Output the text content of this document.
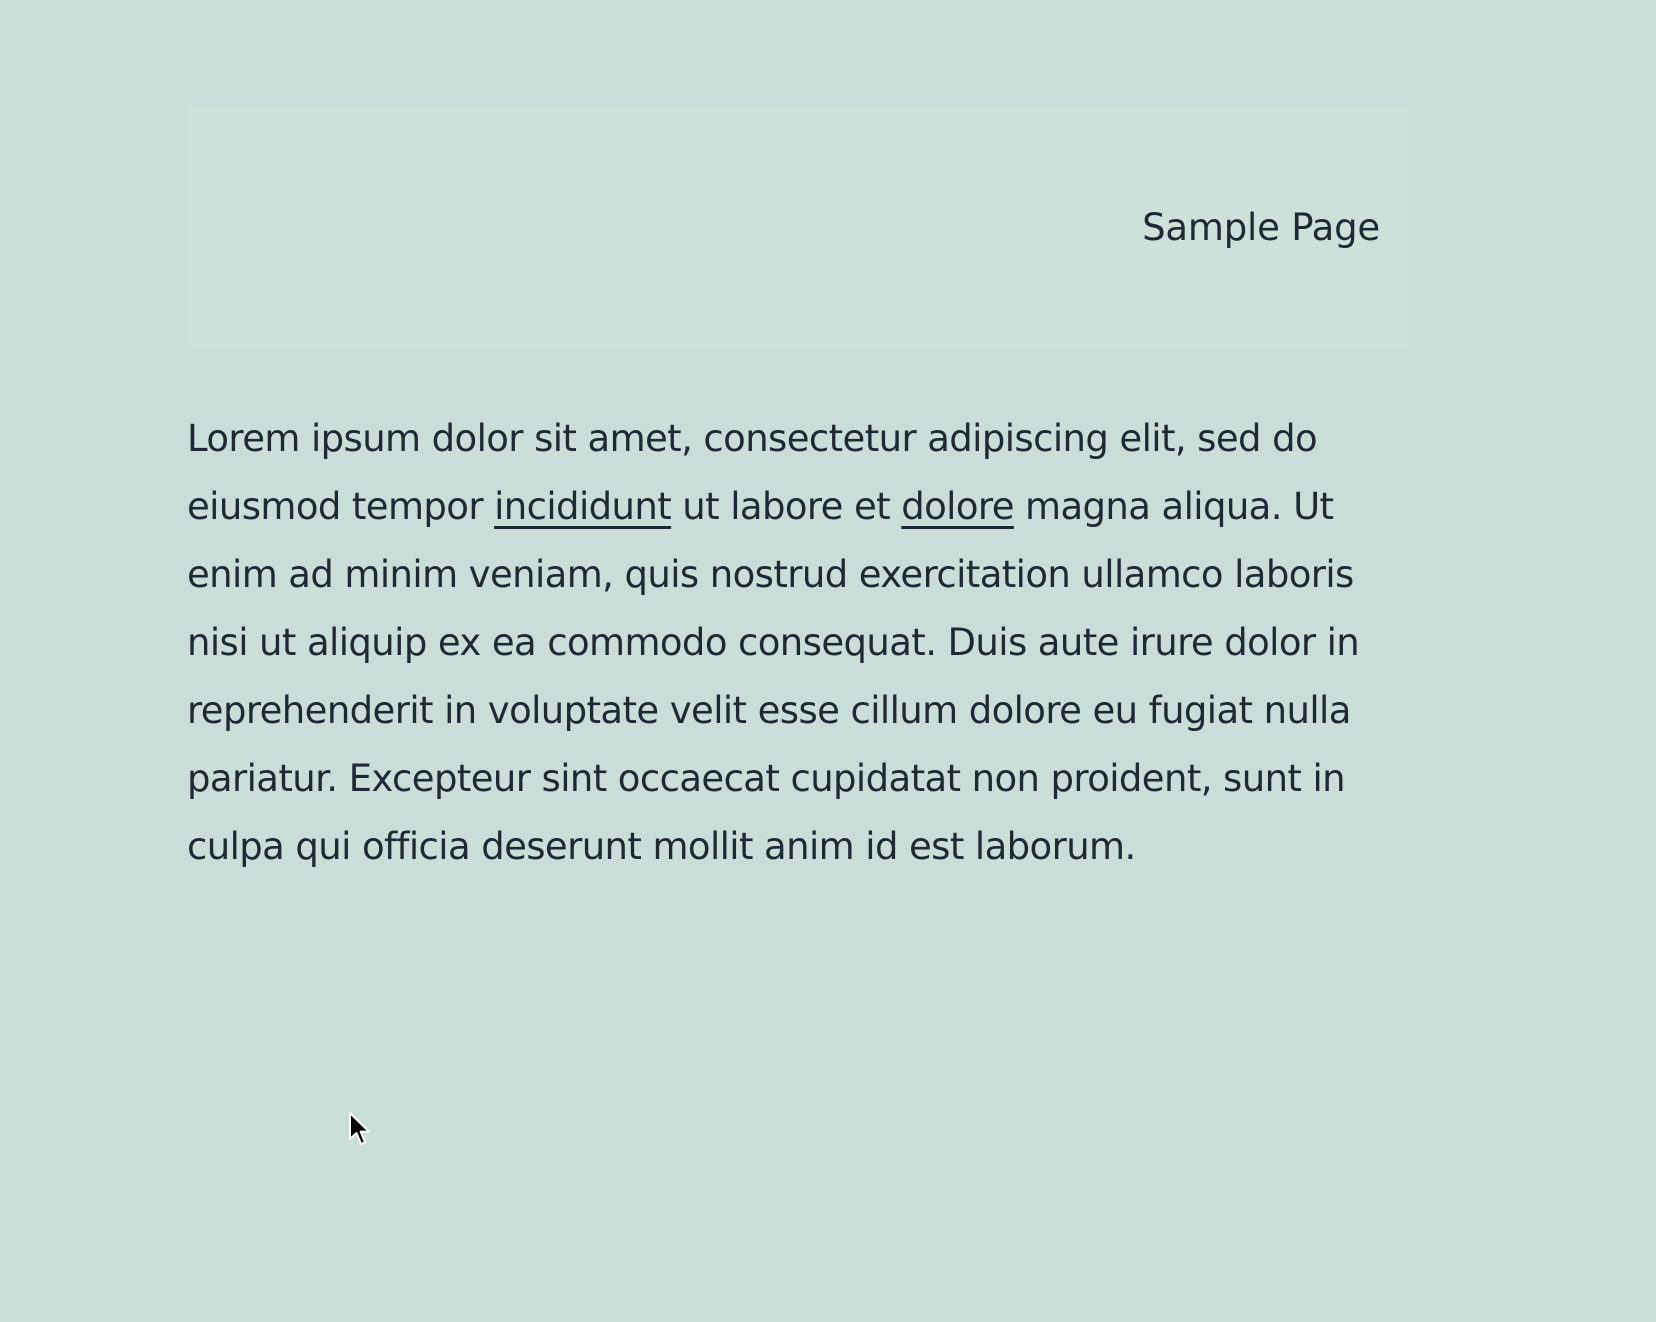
Sample Page

Lorem ipsum dolor sit amet, consectetur adipiscing elit, sed do eiusmod tempor incididunt ut labore et dolore magna aliqua. Ut enim ad minim veniam, quis nostrud exercitation ullamco laboris nisi ut aliquip ex ea commodo consequat. Duis aute irure dolor in reprehenderit in voluptate velit esse cillum dolore eu fugiat nulla pariatur. Excepteur sint occaecat cupidatat non proident, sunt in culpa qui officia deserunt mollit anim id est laborum.
